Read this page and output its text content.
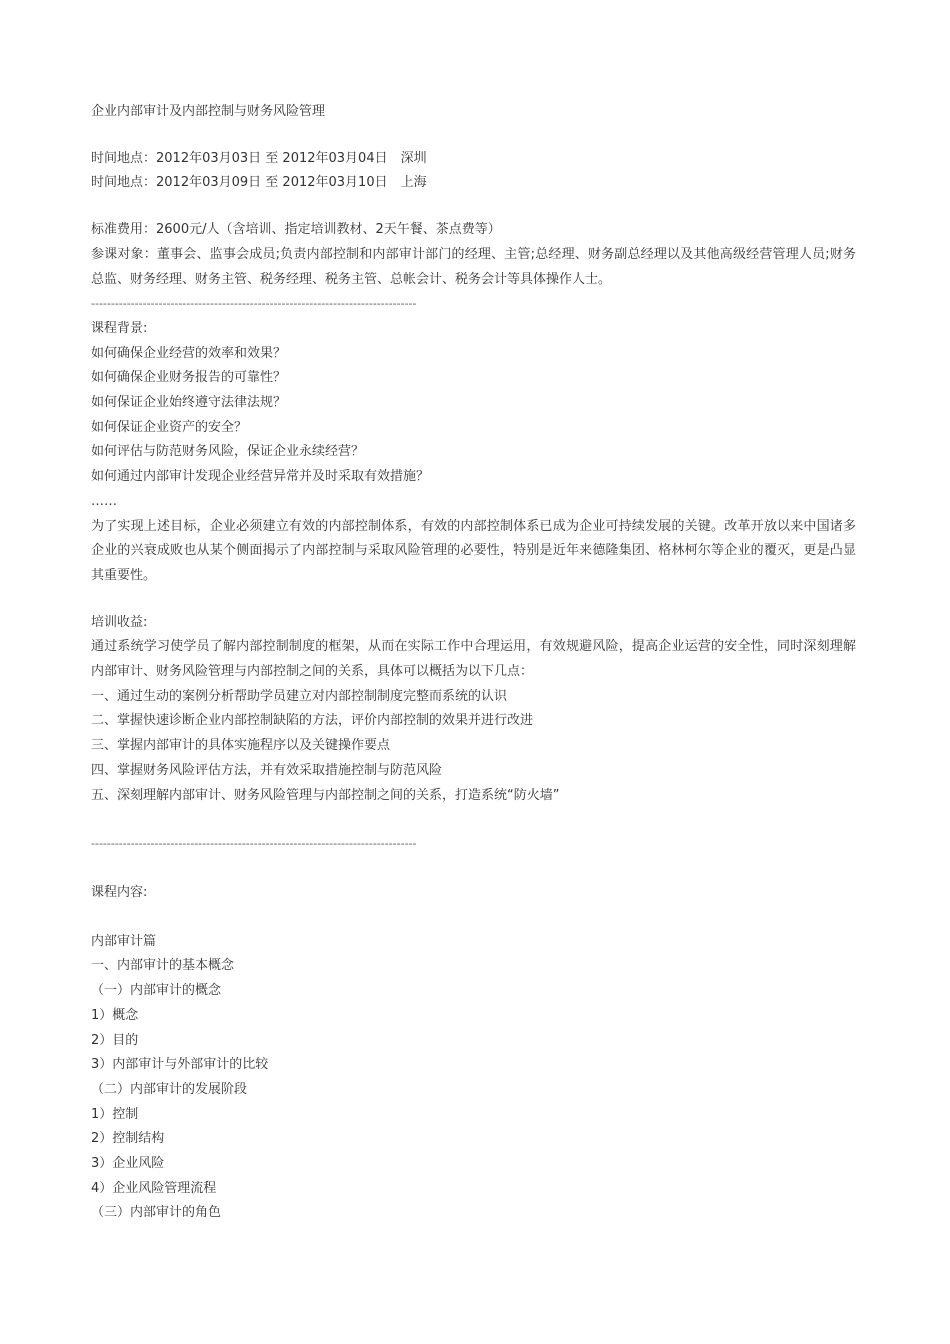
企业内部审计及内部控制与财务风险管理
时间地点：2012年03月03日 至 2012年03月04日　深圳
时间地点：2012年03月09日 至 2012年03月10日　上海
标准费用：2600元/人（含培训、指定培训教材、2天午餐、茶点费等）
参课对象：董事会、监事会成员;负责内部控制和内部审计部门的经理、主管;总经理、财务副总经理以及其他高级经营管理人员;财务总监、财务经理、财务主管、税务经理、税务主管、总帐会计、税务会计等具体操作人士。
----------------------------------------------------------------------------------
课程背景:
如何确保企业经营的效率和效果？
如何确保企业财务报告的可靠性？
如何保证企业始终遵守法律法规？
如何保证企业资产的安全？
如何评估与防范财务风险，保证企业永续经营？
如何通过内部审计发现企业经营异常并及时采取有效措施？
……
为了实现上述目标，企业必须建立有效的内部控制体系，有效的内部控制体系已成为企业可持续发展的关键。改革开放以来中国诸多企业的兴衰成败也从某个侧面揭示了内部控制与采取风险管理的必要性，特别是近年来德隆集团、格林柯尔等企业的覆灭，更是凸显其重要性。
培训收益:
通过系统学习使学员了解内部控制制度的框架，从而在实际工作中合理运用，有效规避风险，提高企业运营的安全性，同时深刻理解内部审计、财务风险管理与内部控制之间的关系，具体可以概括为以下几点：
一、通过生动的案例分析帮助学员建立对内部控制制度完整而系统的认识
二、掌握快速诊断企业内部控制缺陷的方法，评价内部控制的效果并进行改进
三、掌握内部审计的具体实施程序以及关键操作要点
四、掌握财务风险评估方法，并有效采取措施控制与防范风险
五、深刻理解内部审计、财务风险管理与内部控制之间的关系，打造系统“防火墙”
----------------------------------------------------------------------------------
课程内容:
内部审计篇
一、内部审计的基本概念
（一）内部审计的概念
1）概念
2）目的
3）内部审计与外部审计的比较
（二）内部审计的发展阶段
1）控制
2）控制结构
3）企业风险
4）企业风险管理流程
（三）内部审计的角色
